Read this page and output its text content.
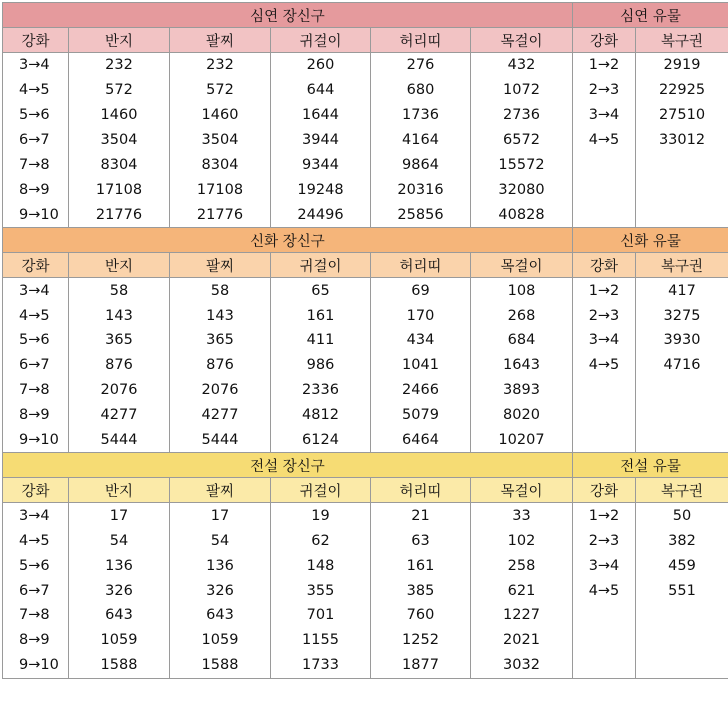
심연 장신구						심연 유물	
강화	반지	팔찌	귀걸이	허리띠	목걸이	강화	복구권
3→4	232	232	260	276	432	1→2	2919
4→5	572	572	644	680	1072	2→3	22925
5→6	1460	1460	1644	1736	2736	3→4	27510
6→7	3504	3504	3944	4164	6572	4→5	33012
7→8	8304	8304	9344	9864	15572		
8→9	17108	17108	19248	20316	32080		
9→10	21776	21776	24496	25856	40828		
신화 장신구						신화 유물	
강화	반지	팔찌	귀걸이	허리띠	목걸이	강화	복구권
3→4	58	58	65	69	108	1→2	417
4→5	143	143	161	170	268	2→3	3275
5→6	365	365	411	434	684	3→4	3930
6→7	876	876	986	1041	1643	4→5	4716
7→8	2076	2076	2336	2466	3893		
8→9	4277	4277	4812	5079	8020		
9→10	5444	5444	6124	6464	10207		
전설 장신구						전설 유물	
강화	반지	팔찌	귀걸이	허리띠	목걸이	강화	복구권
3→4	17	17	19	21	33	1→2	50
4→5	54	54	62	63	102	2→3	382
5→6	136	136	148	161	258	3→4	459
6→7	326	326	355	385	621	4→5	551
7→8	643	643	701	760	1227		
8→9	1059	1059	1155	1252	2021		
9→10	1588	1588	1733	1877	3032		
